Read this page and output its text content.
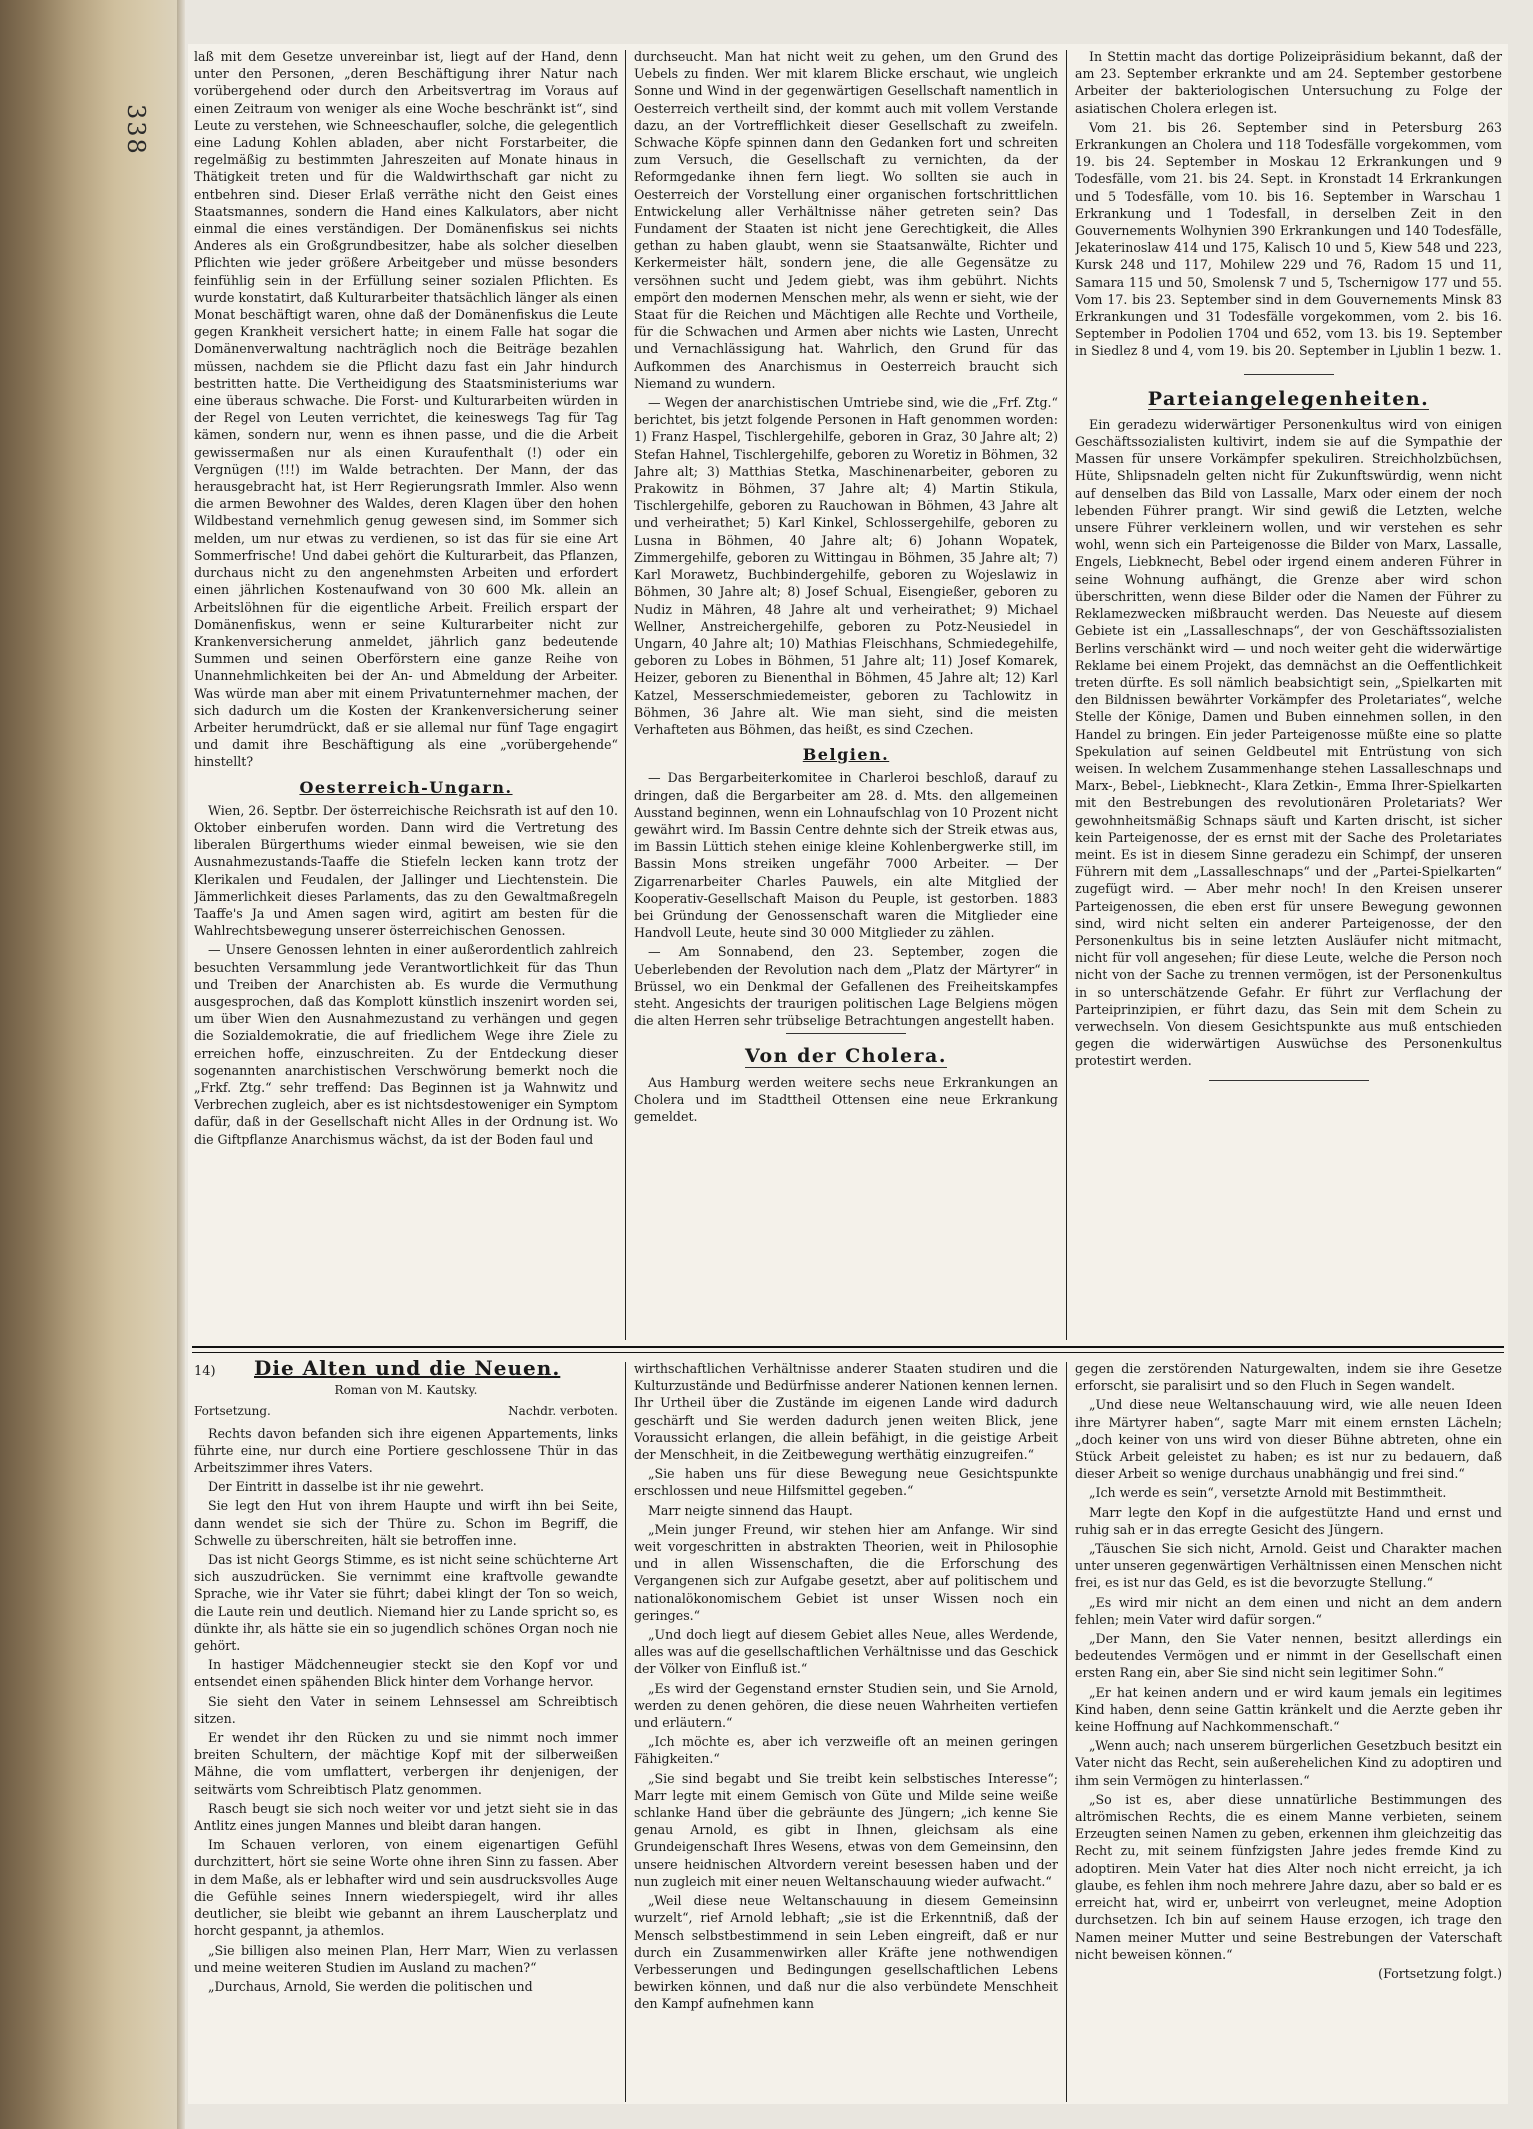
338

laß mit dem Gesetze unvereinbar ist, liegt auf der Hand, denn unter den Personen, „deren Beschäftigung ihrer Natur nach vorübergehend oder durch den Arbeitsvertrag im Voraus auf einen Zeitraum von weniger als eine Woche beschränkt ist“, sind Leute zu verstehen, wie Schneeschaufler, solche, die gelegentlich eine Ladung Kohlen abladen, aber nicht Forstarbeiter, die regelmäßig zu bestimmten Jahreszeiten auf Monate hinaus in Thätigkeit treten und für die Waldwirthschaft gar nicht zu entbehren sind. Dieser Erlaß verräthe nicht den Geist eines Staatsmannes, sondern die Hand eines Kalkulators, aber nicht einmal die eines verständigen. Der Domänenfiskus sei nichts Anderes als ein Großgrundbesitzer, habe als solcher dieselben Pflichten wie jeder größere Arbeitgeber und müsse besonders feinfühlig sein in der Erfüllung seiner sozialen Pflichten. Es wurde konstatirt, daß Kulturarbeiter thatsächlich länger als einen Monat beschäftigt waren, ohne daß der Domänenfiskus die Leute gegen Krankheit versichert hatte; in einem Falle hat sogar die Domänenverwaltung nachträglich noch die Beiträge bezahlen müssen, nachdem sie die Pflicht dazu fast ein Jahr hindurch bestritten hatte. Die Vertheidigung des Staatsministeriums war eine überaus schwache. Die Forst- und Kulturarbeiten würden in der Regel von Leuten verrichtet, die keineswegs Tag für Tag kämen, sondern nur, wenn es ihnen passe, und die die Arbeit gewissermaßen nur als einen Kuraufenthalt (!) oder ein Vergnügen (!!!) im Walde betrachten. Der Mann, der das herausgebracht hat, ist Herr Regierungsrath Immler. Also wenn die armen Bewohner des Waldes, deren Klagen über den hohen Wildbestand vernehmlich genug gewesen sind, im Sommer sich melden, um nur etwas zu verdienen, so ist das für sie eine Art Sommerfrische! Und dabei gehört die Kulturarbeit, das Pflanzen, durchaus nicht zu den angenehmsten Arbeiten und erfordert einen jährlichen Kostenaufwand von 30 600 Mk. allein an Arbeitslöhnen für die eigentliche Arbeit. Freilich erspart der Domänenfiskus, wenn er seine Kulturarbeiter nicht zur Krankenversicherung anmeldet, jährlich ganz bedeutende Summen und seinen Oberförstern eine ganze Reihe von Unannehmlichkeiten bei der An- und Abmeldung der Arbeiter. Was würde man aber mit einem Privatunternehmer machen, der sich dadurch um die Kosten der Krankenversicherung seiner Arbeiter herumdrückt, daß er sie allemal nur fünf Tage engagirt und damit ihre Beschäftigung als eine „vorübergehende“ hinstellt?

Oesterreich-Ungarn.

Wien, 26. Septbr. Der österreichische Reichsrath ist auf den 10. Oktober einberufen worden. Dann wird die Vertretung des liberalen Bürgerthums wieder einmal beweisen, wie sie den Ausnahmezustands-Taaffe die Stiefeln lecken kann trotz der Klerikalen und Feudalen, der Jallinger und Liechtenstein. Die Jämmerlichkeit dieses Parlaments, das zu den Gewaltmaßregeln Taaffe's Ja und Amen sagen wird, agitirt am besten für die Wahlrechtsbewegung unserer österreichischen Genossen.

— Unsere Genossen lehnten in einer außerordentlich zahlreich besuchten Versammlung jede Verantwortlichkeit für das Thun und Treiben der Anarchisten ab. Es wurde die Vermuthung ausgesprochen, daß das Komplott künstlich inszenirt worden sei, um über Wien den Ausnahmezustand zu verhängen und gegen die Sozialdemokratie, die auf friedlichem Wege ihre Ziele zu erreichen hoffe, einzuschreiten. Zu der Entdeckung dieser sogenannten anarchistischen Verschwörung bemerkt noch die „Frkf. Ztg.“ sehr treffend: Das Beginnen ist ja Wahnwitz und Verbrechen zugleich, aber es ist nichtsdestoweniger ein Symptom dafür, daß in der Gesellschaft nicht Alles in der Ordnung ist. Wo die Giftpflanze Anarchismus wächst, da ist der Boden faul und

durchseucht. Man hat nicht weit zu gehen, um den Grund des Uebels zu finden. Wer mit klarem Blicke erschaut, wie ungleich Sonne und Wind in der gegenwärtigen Gesellschaft namentlich in Oesterreich vertheilt sind, der kommt auch mit vollem Verstande dazu, an der Vortrefflichkeit dieser Gesellschaft zu zweifeln. Schwache Köpfe spinnen dann den Gedanken fort und schreiten zum Versuch, die Gesellschaft zu vernichten, da der Reformgedanke ihnen fern liegt. Wo sollten sie auch in Oesterreich der Vorstellung einer organischen fortschrittlichen Entwickelung aller Verhältnisse näher getreten sein? Das Fundament der Staaten ist nicht jene Gerechtigkeit, die Alles gethan zu haben glaubt, wenn sie Staatsanwälte, Richter und Kerkermeister hält, sondern jene, die alle Gegensätze zu versöhnen sucht und Jedem giebt, was ihm gebührt. Nichts empört den modernen Menschen mehr, als wenn er sieht, wie der Staat für die Reichen und Mächtigen alle Rechte und Vortheile, für die Schwachen und Armen aber nichts wie Lasten, Unrecht und Vernachlässigung hat. Wahrlich, den Grund für das Aufkommen des Anarchismus in Oesterreich braucht sich Niemand zu wundern.

— Wegen der anarchistischen Umtriebe sind, wie die „Frf. Ztg.“ berichtet, bis jetzt folgende Personen in Haft genommen worden: 1) Franz Haspel, Tischlergehilfe, geboren in Graz, 30 Jahre alt; 2) Stefan Hahnel, Tischlergehilfe, geboren zu Woretiz in Böhmen, 32 Jahre alt; 3) Matthias Stetka, Maschinenarbeiter, geboren zu Prakowitz in Böhmen, 37 Jahre alt; 4) Martin Stikula, Tischlergehilfe, geboren zu Rauchowan in Böhmen, 43 Jahre alt und verheirathet; 5) Karl Kinkel, Schlossergehilfe, geboren zu Lusna in Böhmen, 40 Jahre alt; 6) Johann Wopatek, Zimmergehilfe, geboren zu Wittingau in Böhmen, 35 Jahre alt; 7) Karl Morawetz, Buchbindergehilfe, geboren zu Wojeslawiz in Böhmen, 30 Jahre alt; 8) Josef Schual, Eisengießer, geboren zu Nudiz in Mähren, 48 Jahre alt und verheirathet; 9) Michael Wellner, Anstreichergehilfe, geboren zu Potz-Neusiedel in Ungarn, 40 Jahre alt; 10) Mathias Fleischhans, Schmiedegehilfe, geboren zu Lobes in Böhmen, 51 Jahre alt; 11) Josef Komarek, Heizer, geboren zu Bienenthal in Böhmen, 45 Jahre alt; 12) Karl Katzel, Messerschmiedemeister, geboren zu Tachlowitz in Böhmen, 36 Jahre alt. Wie man sieht, sind die meisten Verhafteten aus Böhmen, das heißt, es sind Czechen.

Belgien.

— Das Bergarbeiterkomitee in Charleroi beschloß, darauf zu dringen, daß die Bergarbeiter am 28. d. Mts. den allgemeinen Ausstand beginnen, wenn ein Lohnaufschlag von 10 Prozent nicht gewährt wird. Im Bassin Centre dehnte sich der Streik etwas aus, im Bassin Lüttich stehen einige kleine Kohlenbergwerke still, im Bassin Mons streiken ungefähr 7000 Arbeiter. — Der Zigarrenarbeiter Charles Pauwels, ein alte Mitglied der Kooperativ-Gesellschaft Maison du Peuple, ist gestorben. 1883 bei Gründung der Genossenschaft waren die Mitglieder eine Handvoll Leute, heute sind 30 000 Mitglieder zu zählen.

— Am Sonnabend, den 23. September, zogen die Ueberlebenden der Revolution nach dem „Platz der Märtyrer“ in Brüssel, wo ein Denkmal der Gefallenen des Freiheitskampfes steht. Angesichts der traurigen politischen Lage Belgiens mögen die alten Herren sehr trübselige Betrachtungen angestellt haben.

Von der Cholera.

Aus Hamburg werden weitere sechs neue Erkrankungen an Cholera und im Stadttheil Ottensen eine neue Erkrankung gemeldet.

In Stettin macht das dortige Polizeipräsidium bekannt, daß der am 23. September erkrankte und am 24. September gestorbene Arbeiter der bakteriologischen Untersuchung zu Folge der asiatischen Cholera erlegen ist.

Vom 21. bis 26. September sind in Petersburg 263 Erkrankungen an Cholera und 118 Todesfälle vorgekommen, vom 19. bis 24. September in Moskau 12 Erkrankungen und 9 Todesfälle, vom 21. bis 24. Sept. in Kronstadt 14 Erkrankungen und 5 Todesfälle, vom 10. bis 16. September in Warschau 1 Erkrankung und 1 Todesfall, in derselben Zeit in den Gouvernements Wolhynien 390 Erkrankungen und 140 Todesfälle, Jekaterinoslaw 414 und 175, Kalisch 10 und 5, Kiew 548 und 223, Kursk 248 und 117, Mohilew 229 und 76, Radom 15 und 11, Samara 115 und 50, Smolensk 7 und 5, Tschernigow 177 und 55. Vom 17. bis 23. September sind in dem Gouvernements Minsk 83 Erkrankungen und 31 Todesfälle vorgekommen, vom 2. bis 16. September in Podolien 1704 und 652, vom 13. bis 19. September in Siedlez 8 und 4, vom 19. bis 20. September in Ljublin 1 bezw. 1.

Parteiangelegenheiten.

Ein geradezu widerwärtiger Personenkultus wird von einigen Geschäftssozialisten kultivirt, indem sie auf die Sympathie der Massen für unsere Vorkämpfer spekuliren. Streichholzbüchsen, Hüte, Shlipsnadeln gelten nicht für Zukunftswürdig, wenn nicht auf denselben das Bild von Lassalle, Marx oder einem der noch lebenden Führer prangt. Wir sind gewiß die Letzten, welche unsere Führer verkleinern wollen, und wir verstehen es sehr wohl, wenn sich ein Parteigenosse die Bilder von Marx, Lassalle, Engels, Liebknecht, Bebel oder irgend einem anderen Führer in seine Wohnung aufhängt, die Grenze aber wird schon überschritten, wenn diese Bilder oder die Namen der Führer zu Reklamezwecken mißbraucht werden. Das Neueste auf diesem Gebiete ist ein „Lassalleschnaps“, der von Geschäftssozialisten Berlins verschänkt wird — und noch weiter geht die widerwärtige Reklame bei einem Projekt, das demnächst an die Oeffentlichkeit treten dürfte. Es soll nämlich beabsichtigt sein, „Spielkarten mit den Bildnissen bewährter Vorkämpfer des Proletariates“, welche Stelle der Könige, Damen und Buben einnehmen sollen, in den Handel zu bringen. Ein jeder Parteigenosse müßte eine so platte Spekulation auf seinen Geldbeutel mit Entrüstung von sich weisen. In welchem Zusammenhange stehen Lassalleschnaps und Marx-, Bebel-, Liebknecht-, Klara Zetkin-, Emma Ihrer-Spielkarten mit den Bestrebungen des revolutionären Proletariats? Wer gewohnheitsmäßig Schnaps säuft und Karten drischt, ist sicher kein Parteigenosse, der es ernst mit der Sache des Proletariates meint. Es ist in diesem Sinne geradezu ein Schimpf, der unseren Führern mit dem „Lassalleschnaps“ und der „Partei-Spielkarten“ zugefügt wird. — Aber mehr noch! In den Kreisen unserer Parteigenossen, die eben erst für unsere Bewegung gewonnen sind, wird nicht selten ein anderer Parteigenosse, der den Personenkultus bis in seine letzten Ausläufer nicht mitmacht, nicht für voll angesehen; für diese Leute, welche die Person noch nicht von der Sache zu trennen vermögen, ist der Personenkultus in so unterschätzende Gefahr. Er führt zur Verflachung der Parteiprinzipien, er führt dazu, das Sein mit dem Schein zu verwechseln. Von diesem Gesichtspunkte aus muß entschieden gegen die widerwärtigen Auswüchse des Personenkultus protestirt werden.

14)	Die Alten und die Neuen.
Roman von M. Kautsky.
Fortsetzung.	Nachdr. verboten.

Rechts davon befanden sich ihre eigenen Appartements, links führte eine, nur durch eine Portiere geschlossene Thür in das Arbeitszimmer ihres Vaters.

Der Eintritt in dasselbe ist ihr nie gewehrt.

Sie legt den Hut von ihrem Haupte und wirft ihn bei Seite, dann wendet sie sich der Thüre zu. Schon im Begriff, die Schwelle zu überschreiten, hält sie betroffen inne.

Das ist nicht Georgs Stimme, es ist nicht seine schüchterne Art sich auszudrücken. Sie vernimmt eine kraftvolle gewandte Sprache, wie ihr Vater sie führt; dabei klingt der Ton so weich, die Laute rein und deutlich. Niemand hier zu Lande spricht so, es dünkte ihr, als hätte sie ein so jugendlich schönes Organ noch nie gehört.

In hastiger Mädchenneugier steckt sie den Kopf vor und entsendet einen spähenden Blick hinter dem Vorhange hervor.

Sie sieht den Vater in seinem Lehnsessel am Schreibtisch sitzen.

Er wendet ihr den Rücken zu und sie nimmt noch immer breiten Schultern, der mächtige Kopf mit der silberweißen Mähne, die vom umflattert, verbergen ihr denjenigen, der seitwärts vom Schreibtisch Platz genommen.

Rasch beugt sie sich noch weiter vor und jetzt sieht sie in das Antlitz eines jungen Mannes und bleibt daran hangen.

Im Schauen verloren, von einem eigenartigen Gefühl durchzittert, hört sie seine Worte ohne ihren Sinn zu fassen. Aber in dem Maße, als er lebhafter wird und sein ausdrucksvolles Auge die Gefühle seines Innern wiederspiegelt, wird ihr alles deutlicher, sie bleibt wie gebannt an ihrem Lauscherplatz und horcht gespannt, ja athemlos.

„Sie billigen also meinen Plan, Herr Marr, Wien zu verlassen und meine weiteren Studien im Ausland zu machen?“

„Durchaus, Arnold, Sie werden die politischen und

wirthschaftlichen Verhältnisse anderer Staaten studiren und die Kulturzustände und Bedürfnisse anderer Nationen kennen lernen. Ihr Urtheil über die Zustände im eigenen Lande wird dadurch geschärft und Sie werden dadurch jenen weiten Blick, jene Voraussicht erlangen, die allein befähigt, in die geistige Arbeit der Menschheit, in die Zeitbewegung werthätig einzugreifen.“

„Sie haben uns für diese Bewegung neue Gesichtspunkte erschlossen und neue Hilfsmittel gegeben.“

Marr neigte sinnend das Haupt.

„Mein junger Freund, wir stehen hier am Anfange. Wir sind weit vorgeschritten in abstrakten Theorien, weit in Philosophie und in allen Wissenschaften, die die Erforschung des Vergangenen sich zur Aufgabe gesetzt, aber auf politischem und nationalökonomischem Gebiet ist unser Wissen noch ein geringes.“

„Und doch liegt auf diesem Gebiet alles Neue, alles Werdende, alles was auf die gesellschaftlichen Verhältnisse und das Geschick der Völker von Einfluß ist.“

„Es wird der Gegenstand ernster Studien sein, und Sie Arnold, werden zu denen gehören, die diese neuen Wahrheiten vertiefen und erläutern.“

„Ich möchte es, aber ich verzweifle oft an meinen geringen Fähigkeiten.“

„Sie sind begabt und Sie treibt kein selbstisches Interesse“; Marr legte mit einem Gemisch von Güte und Milde seine weiße schlanke Hand über die gebräunte des Jüngern; „ich kenne Sie genau Arnold, es gibt in Ihnen, gleichsam als eine Grundeigenschaft Ihres Wesens, etwas von dem Gemeinsinn, den unsere heidnischen Altvordern vereint besessen haben und der nun zugleich mit einer neuen Weltanschauung wieder aufwacht.“

„Weil diese neue Weltanschauung in diesem Gemeinsinn wurzelt“, rief Arnold lebhaft; „sie ist die Erkenntniß, daß der Mensch selbstbestimmend in sein Leben eingreift, daß er nur durch ein Zusammenwirken aller Kräfte jene nothwendigen Verbesserungen und Bedingungen gesellschaftlichen Lebens bewirken können, und daß nur die also verbündete Menschheit den Kampf aufnehmen kann

gegen die zerstörenden Naturgewalten, indem sie ihre Gesetze erforscht, sie paralisirt und so den Fluch in Segen wandelt.

„Und diese neue Weltanschauung wird, wie alle neuen Ideen ihre Märtyrer haben“, sagte Marr mit einem ernsten Lächeln; „doch keiner von uns wird von dieser Bühne abtreten, ohne ein Stück Arbeit geleistet zu haben; es ist nur zu bedauern, daß dieser Arbeit so wenige durchaus unabhängig und frei sind.“

„Ich werde es sein“, versetzte Arnold mit Bestimmtheit.

Marr legte den Kopf in die aufgestützte Hand und ernst und ruhig sah er in das erregte Gesicht des Jüngern.

„Täuschen Sie sich nicht, Arnold. Geist und Charakter machen unter unseren gegenwärtigen Verhältnissen einen Menschen nicht frei, es ist nur das Geld, es ist die bevorzugte Stellung.“

„Es wird mir nicht an dem einen und nicht an dem andern fehlen; mein Vater wird dafür sorgen.“

„Der Mann, den Sie Vater nennen, besitzt allerdings ein bedeutendes Vermögen und er nimmt in der Gesellschaft einen ersten Rang ein, aber Sie sind nicht sein legitimer Sohn.“

„Er hat keinen andern und er wird kaum jemals ein legitimes Kind haben, denn seine Gattin kränkelt und die Aerzte geben ihr keine Hoffnung auf Nachkommenschaft.“

„Wenn auch; nach unserem bürgerlichen Gesetzbuch besitzt ein Vater nicht das Recht, sein außerehelichen Kind zu adoptiren und ihm sein Vermögen zu hinterlassen.“

„So ist es, aber diese unnatürliche Bestimmungen des altrömischen Rechts, die es einem Manne verbieten, seinem Erzeugten seinen Namen zu geben, erkennen ihm gleichzeitig das Recht zu, mit seinem fünfzigsten Jahre jedes fremde Kind zu adoptiren. Mein Vater hat dies Alter noch nicht erreicht, ja ich glaube, es fehlen ihm noch mehrere Jahre dazu, aber so bald er es erreicht hat, wird er, unbeirrt von verleugnet, meine Adoption durchsetzen. Ich bin auf seinem Hause erzogen, ich trage den Namen meiner Mutter und seine Bestrebungen der Vaterschaft nicht beweisen können.“

(Fortsetzung folgt.)
